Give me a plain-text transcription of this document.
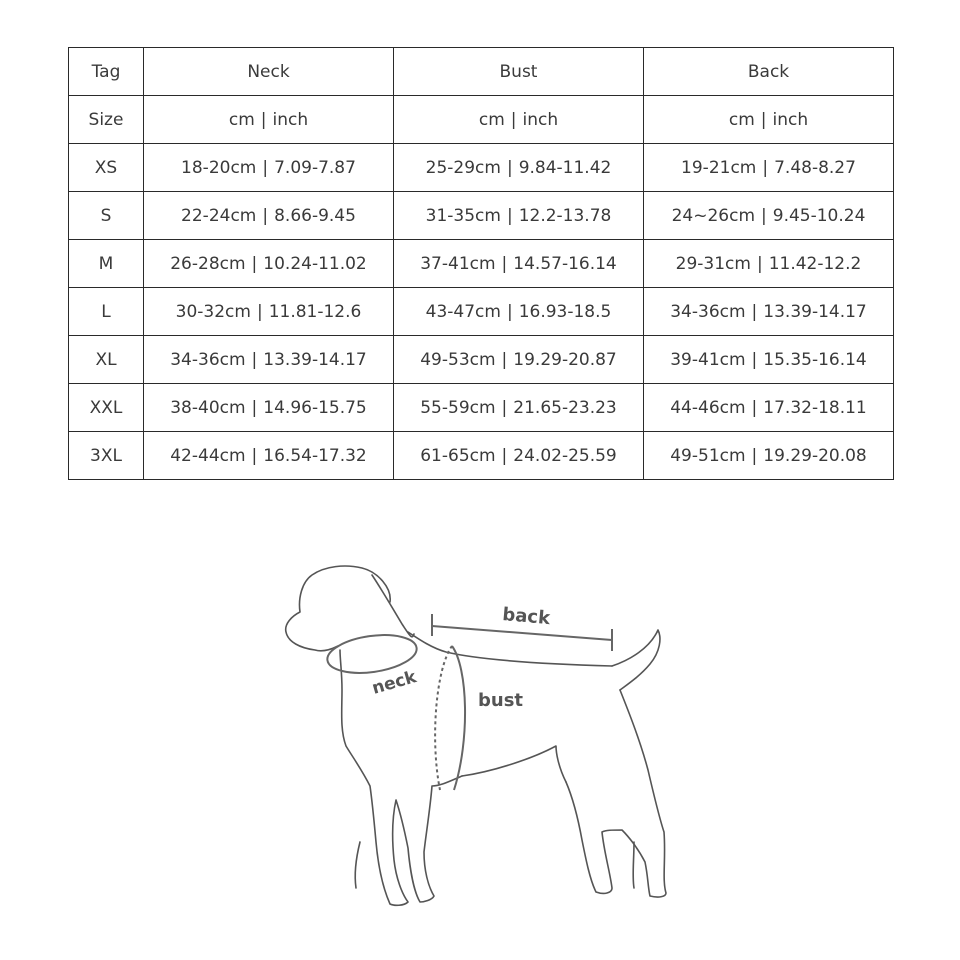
Tag	Neck	Bust	Back
Size	cm | inch	cm | inch	cm | inch
XS	18-20cm | 7.09-7.87	25-29cm | 9.84-11.42	19-21cm | 7.48-8.27
S	22-24cm | 8.66-9.45	31-35cm | 12.2-13.78	24~26cm | 9.45-10.24
M	26-28cm | 10.24-11.02	37-41cm | 14.57-16.14	29-31cm | 11.42-12.2
L	30-32cm | 11.81-12.6	43-47cm | 16.93-18.5	34-36cm | 13.39-14.17
XL	34-36cm | 13.39-14.17	49-53cm | 19.29-20.87	39-41cm | 15.35-16.14
XXL	38-40cm | 14.96-15.75	55-59cm | 21.65-23.23	44-46cm | 17.32-18.11
3XL	42-44cm | 16.54-17.32	61-65cm | 24.02-25.59	49-51cm | 19.29-20.08
back
neck
bust
